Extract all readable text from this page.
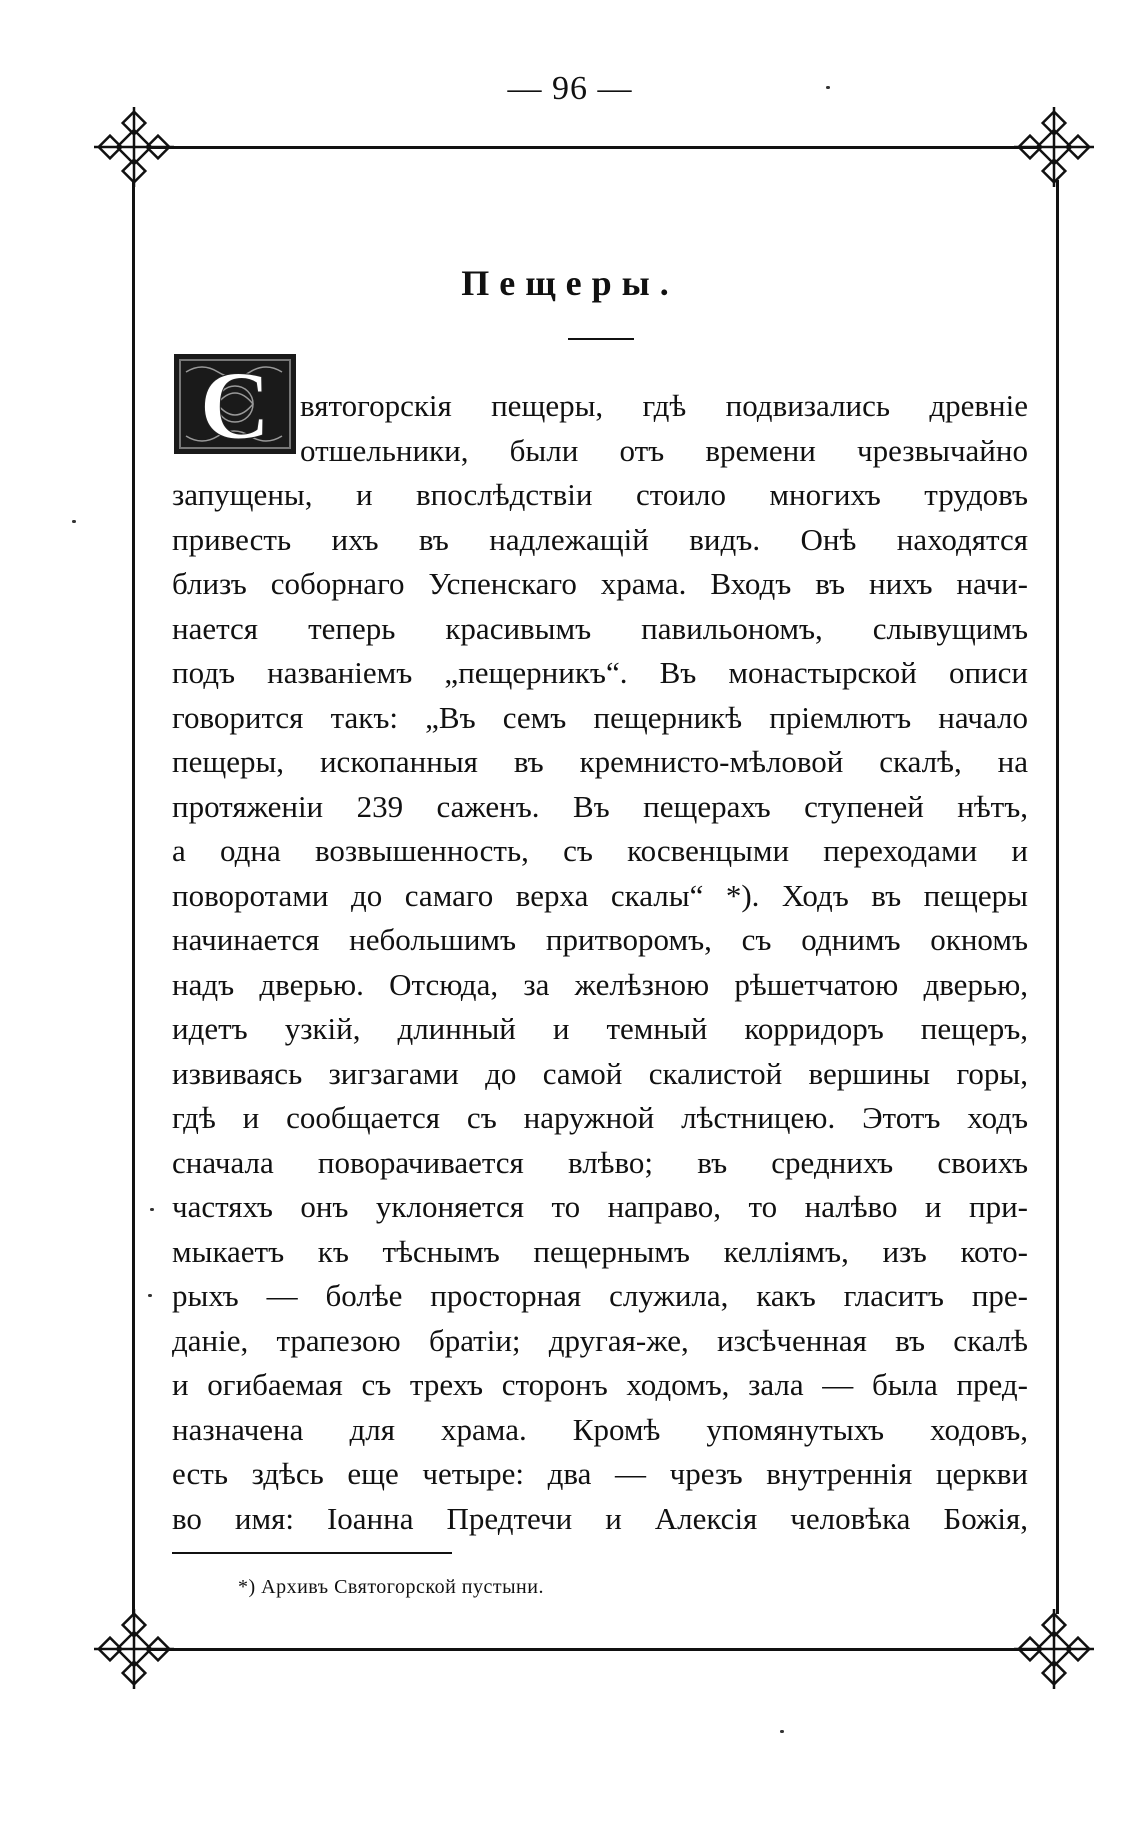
— 96 —
Пещеры.
С вятогорскія пещеры, гдѣ подвизались древніе
отшельники, были отъ времени чрезвычайно
запущены, и впослѣдствіи стоило многихъ трудовъ
привесть ихъ въ надлежащій видъ. Онѣ находятся
близъ соборнаго Успенскаго храма. Входъ въ нихъ начи-
нается теперь красивымъ павильономъ, слывущимъ
подъ названіемъ „пещерникъ“. Въ монастырской описи
говорится такъ: „Въ семъ пещерникѣ пріемлютъ начало
пещеры, ископанныя въ кремнисто-мѣловой скалѣ, на
протяженіи 239 саженъ. Въ пещерахъ ступеней нѣтъ,
а одна возвышенность, съ косвенцыми переходами и
поворотами до самаго верха скалы“ *). Ходъ въ пещеры
начинается небольшимъ притворомъ, съ однимъ окномъ
надъ дверью. Отсюда, за желѣзною рѣшетчатою дверью,
идетъ узкій, длинный и темный корридоръ пещеръ,
извиваясь зигзагами до самой скалистой вершины горы,
гдѣ и сообщается съ наружной лѣстницею. Этотъ ходъ
сначала поворачивается влѣво; въ среднихъ своихъ
частяхъ онъ уклоняется то направо, то налѣво и при-
мыкаетъ къ тѣснымъ пещернымъ келліямъ, изъ кото-
рыхъ — болѣе просторная служила, какъ гласитъ пре-
даніе, трапезою братіи; другая-же, изсѣченная въ скалѣ
и огибаемая съ трехъ сторонъ ходомъ, зала — была пред-
назначена для храма. Кромѣ упомянутыхъ ходовъ,
есть здѣсь еще четыре: два — чрезъ внутреннія церкви
во имя: Іоанна Предтечи и Алексія человѣка Божія,
*) Архивъ Святогорской пустыни.
